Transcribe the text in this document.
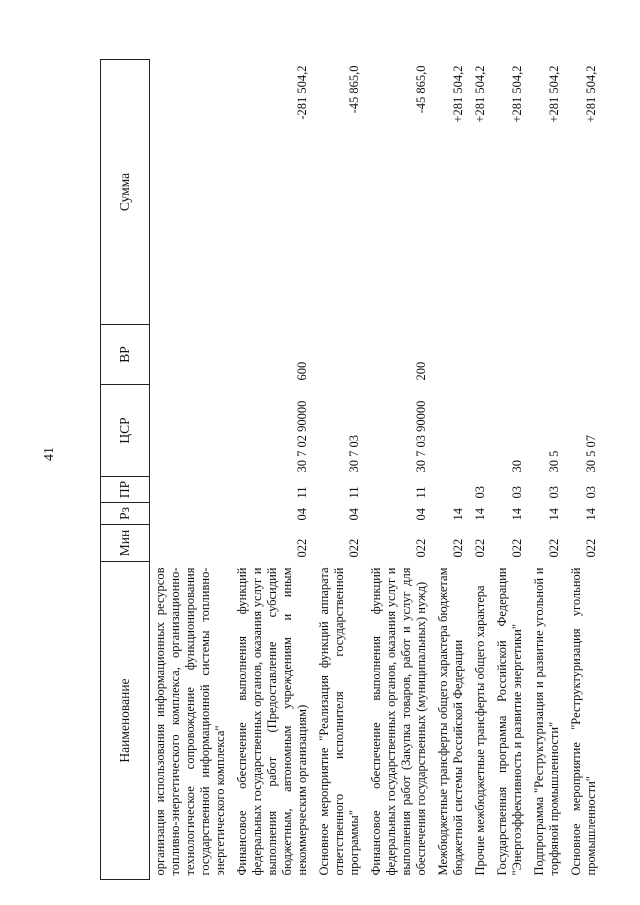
41
Наименование	Мин	Рз	ПР	ЦСР	ВР	Сумма
организация использования информационных ресурсов топливно-энергетического комплекса, организационно-технологическое сопровождение функционирования государственной информационной системы топливно-энергетического комплекса"						
Финансовое обеспечение выполнения функций федеральных государственных органов, оказания услуг и выполнения работ (Предоставление субсидий бюджетным, автономным учреждениям и иным некоммерческим организациям)	022	04	11	30 7 02 90000	600	-281 504,2
Основное мероприятие "Реализация функций аппарата ответственного исполнителя государственной программы"	022	04	11	30 7 03		-45 865,0
Финансовое обеспечение выполнения функций федеральных государственных органов, оказания услуг и выполнения работ (Закупка товаров, работ и услуг для обеспечения государственных (муниципальных) нужд)	022	04	11	30 7 03 90000	200	-45 865,0
Межбюджетные трансферты общего характера бюджетам бюджетной системы Российской Федерации	022	14				+281 504,2
Прочие межбюджетные трансферты общего характера	022	14	03			+281 504,2
Государственная программа Российской Федерации "Энергоэффективность и развитие энергетики"	022	14	03	30		+281 504,2
Подпрограмма "Реструктуризация и развитие угольной и торфяной промышленности"	022	14	03	30 5		+281 504,2
Основное мероприятие "Реструктуризация угольной промышленности"	022	14	03	30 5 07		+281 504,2
